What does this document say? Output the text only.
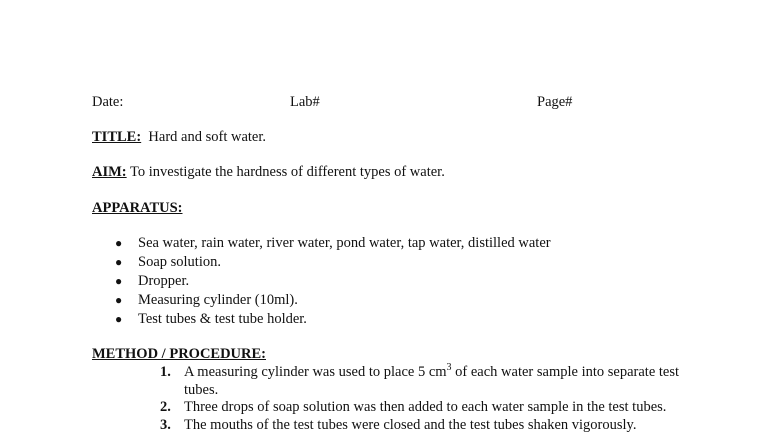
Date:	Lab#	Page#
TITLE: Hard and soft water.
AIM: To investigate the hardness of different types of water.
APPARATUS:
● Sea water, rain water, river water, pond water, tap water, distilled water
● Soap solution.
● Dropper.
● Measuring cylinder (10ml).
● Test tubes & test tube holder.
METHOD / PROCEDURE:
1. A measuring cylinder was used to place 5 $cm^3$ of each water sample into separate test tubes.
2. Three drops of soap solution was then added to each water sample in the test tubes.
3. The mouths of the test tubes were closed and the test tubes shaken vigorously.
